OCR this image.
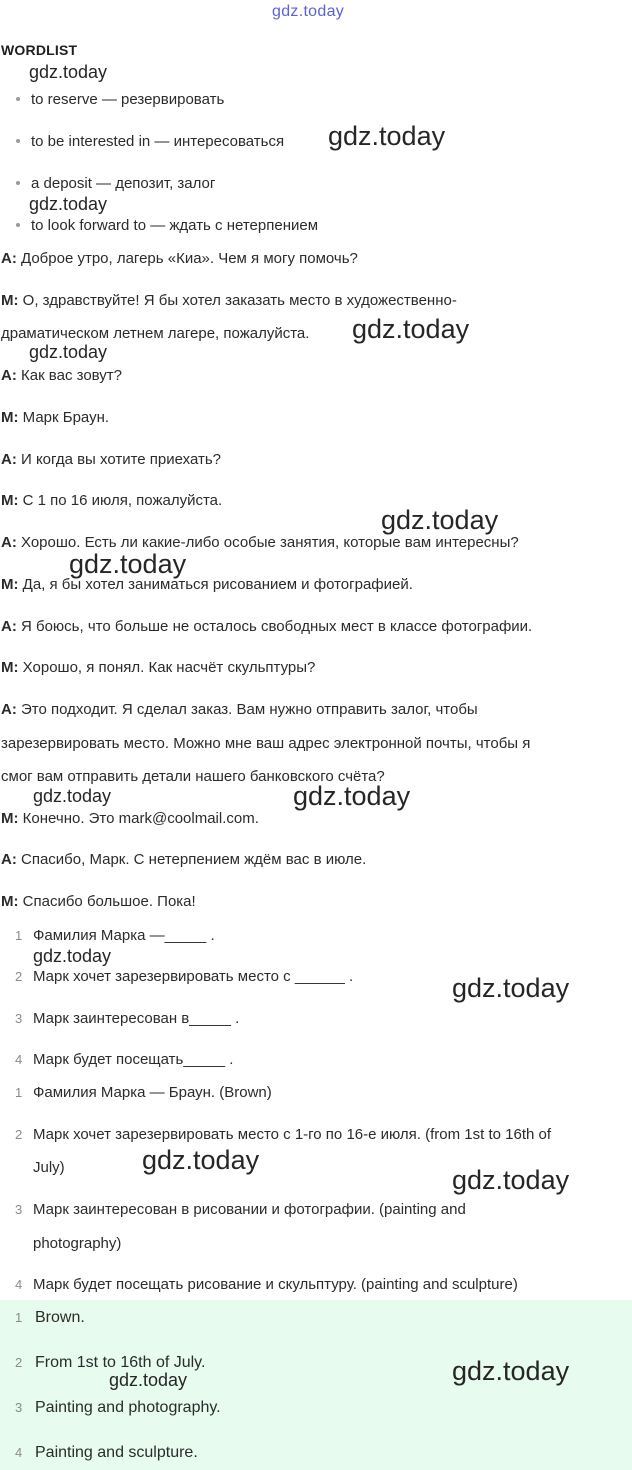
gdz.today
WORDLIST
to reserve — резервировать
to be interested in — интересоваться
a deposit — депозит, залог
to look forward to — ждать с нетерпением
A: Доброе утро, лагерь «Киа». Чем я могу помочь?
M: О, здравствуйте! Я бы хотел заказать место в художественно-
драматическом летнем лагере, пожалуйста.
A: Как вас зовут?
M: Марк Браун.
A: И когда вы хотите приехать?
M: С 1 по 16 июля, пожалуйста.
A: Хорошо. Есть ли какие-либо особые занятия, которые вам интересны?
M: Да, я бы хотел заниматься рисованием и фотографией.
A: Я боюсь, что больше не осталось свободных мест в классе фотографии.
M: Хорошо, я понял. Как насчёт скульптуры?
A: Это подходит. Я сделал заказ. Вам нужно отправить залог, чтобы
зарезервировать место. Можно мне ваш адрес электронной почты, чтобы я
смог вам отправить детали нашего банковского счёта?
M: Конечно. Это mark@coolmail.com.
A: Спасибо, Марк. С нетерпением ждём вас в июле.
M: Спасибо большое. Пока!
1 Фамилия Марка —_____ .
2 Марк хочет зарезервировать место с ______ .
3 Марк заинтересован в_____ .
4 Марк будет посещать_____ .
1 Фамилия Марка — Браун. (Brown)
2 Марк хочет зарезервировать место с 1-го по 16-е июля. (from 1st to 16th of
July)
3 Марк заинтересован в рисовании и фотографии. (painting and
photography)
4 Марк будет посещать рисование и скульптуру. (painting and sculpture)
1 Brown.
2 From 1st to 16th of July.
3 Painting and photography.
4 Painting and sculpture.
gdz.today
gdz.today
gdz.today
gdz.today
gdz.today
gdz.today
gdz.today
gdz.today	gdz.today
gdz.today
gdz.today
gdz.today
gdz.today
gdz.today
gdz.today
